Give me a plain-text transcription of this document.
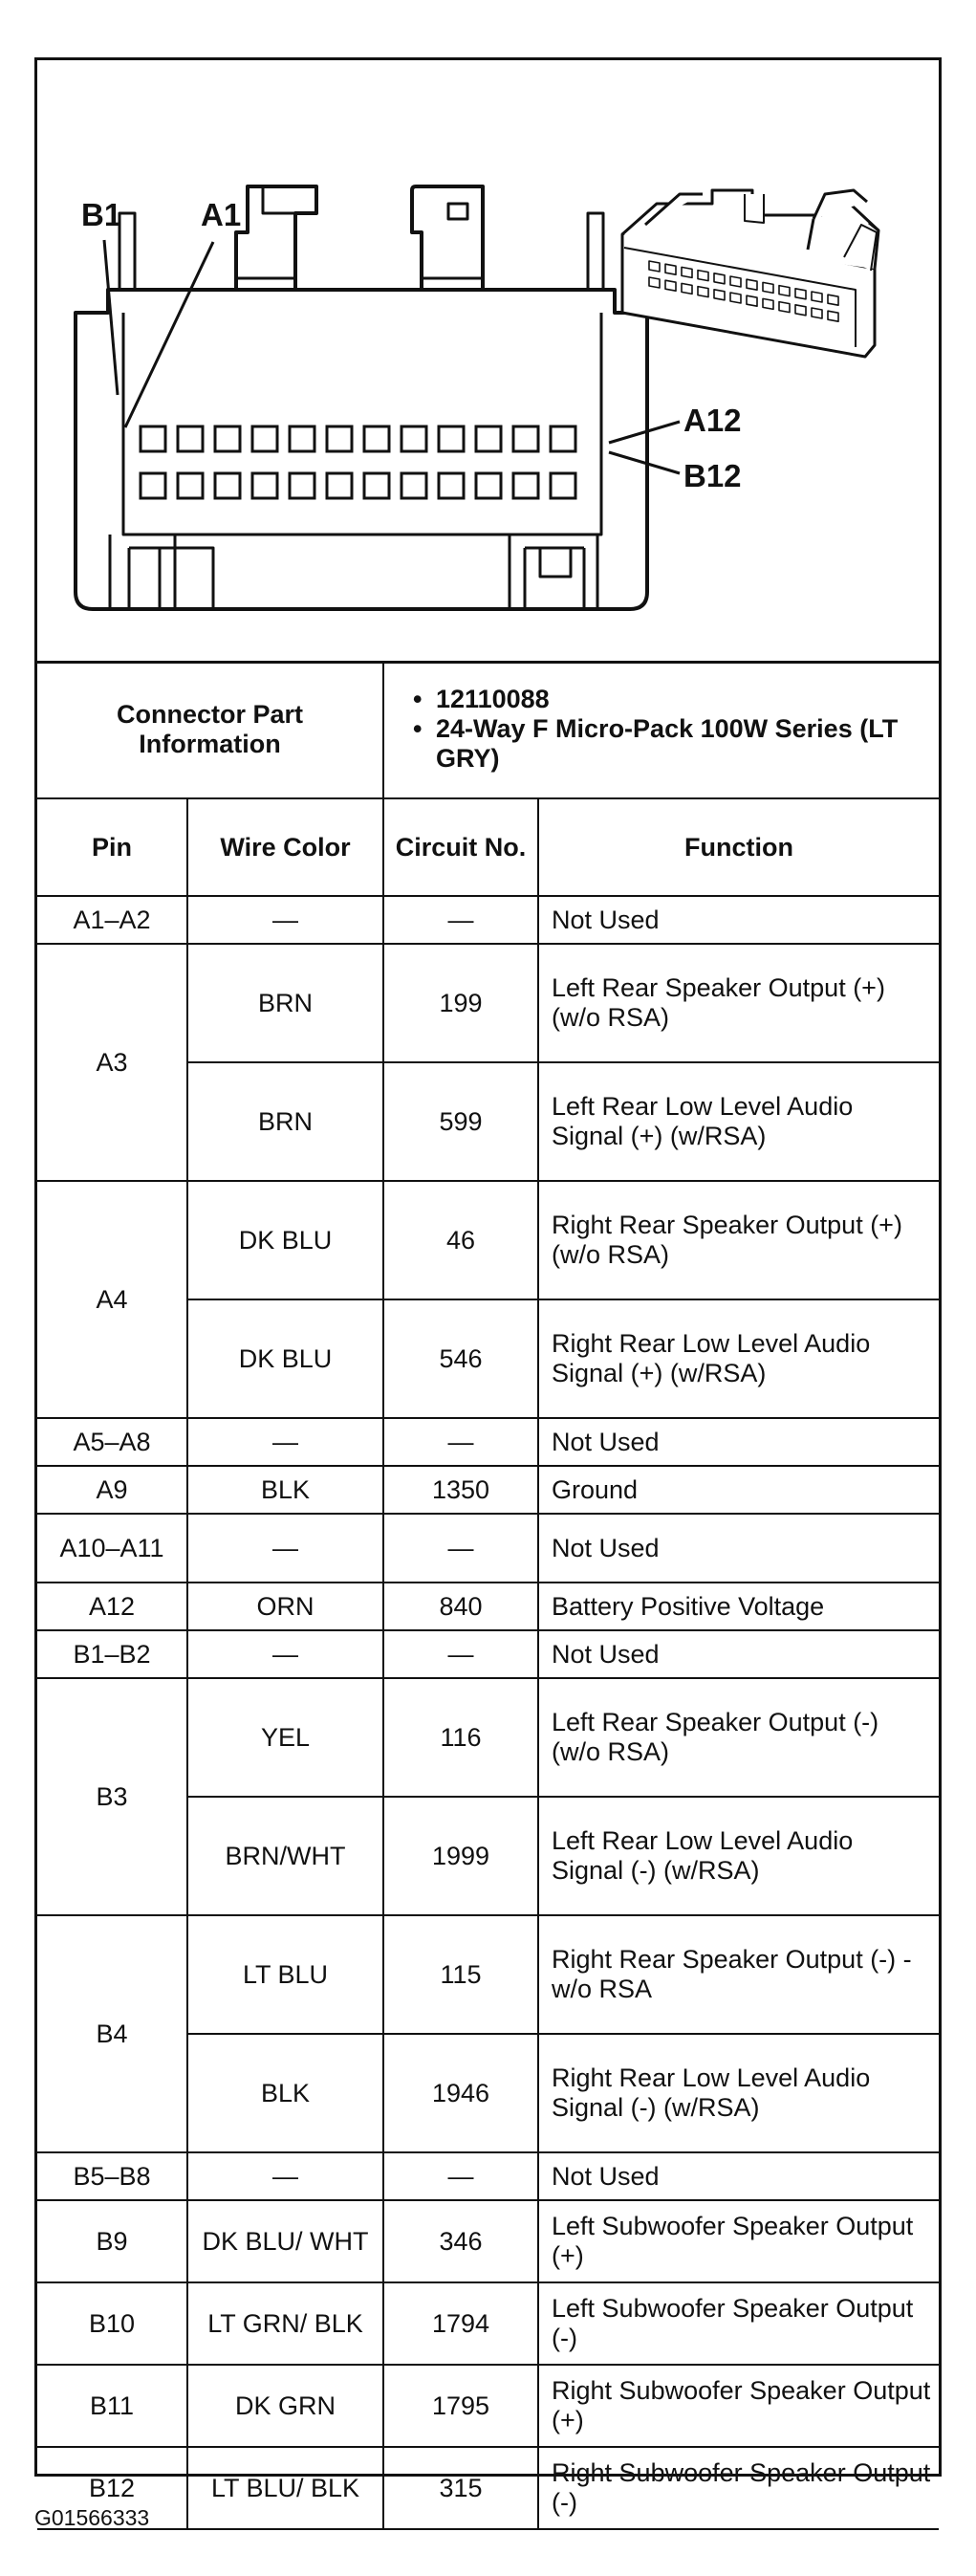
B1	A1
A12
B12
Connector Part Information		• 12110088
• 24-Way F Micro-Pack 100W Series (LT GRY)	

Pin	Wire Color	Circuit No.	Function
A1–A2	—	—	Not Used
A3	BRN	199	Left Rear Speaker Output (+) (w/o RSA)
	BRN	599	Left Rear Low Level Audio Signal (+) (w/RSA)
A4	DK BLU	46	Right Rear Speaker Output (+) (w/o RSA)
	DK BLU	546	Right Rear Low Level Audio Signal (+) (w/RSA)
A5–A8	—	—	Not Used
A9	BLK	1350	Ground
A10–A11	—	—	Not Used
A12	ORN	840	Battery Positive Voltage
B1–B2	—	—	Not Used
B3	YEL	116	Left Rear Speaker Output (-) (w/o RSA)
	BRN/WHT	1999	Left Rear Low Level Audio Signal (-) (w/RSA)
B4	LT BLU	115	Right Rear Speaker Output (-) - w/o RSA
	BLK	1946	Right Rear Low Level Audio Signal (-) (w/RSA)
B5–B8	—	—	Not Used
B9	DK BLU/ WHT	346	Left Subwoofer Speaker Output (+)
B10	LT GRN/ BLK	1794	Left Subwoofer Speaker Output (-)
B11	DK GRN	1795	Right Subwoofer Speaker Output (+)
B12	LT BLU/ BLK	315	Right Subwoofer Speaker Output (-)
G01566333
